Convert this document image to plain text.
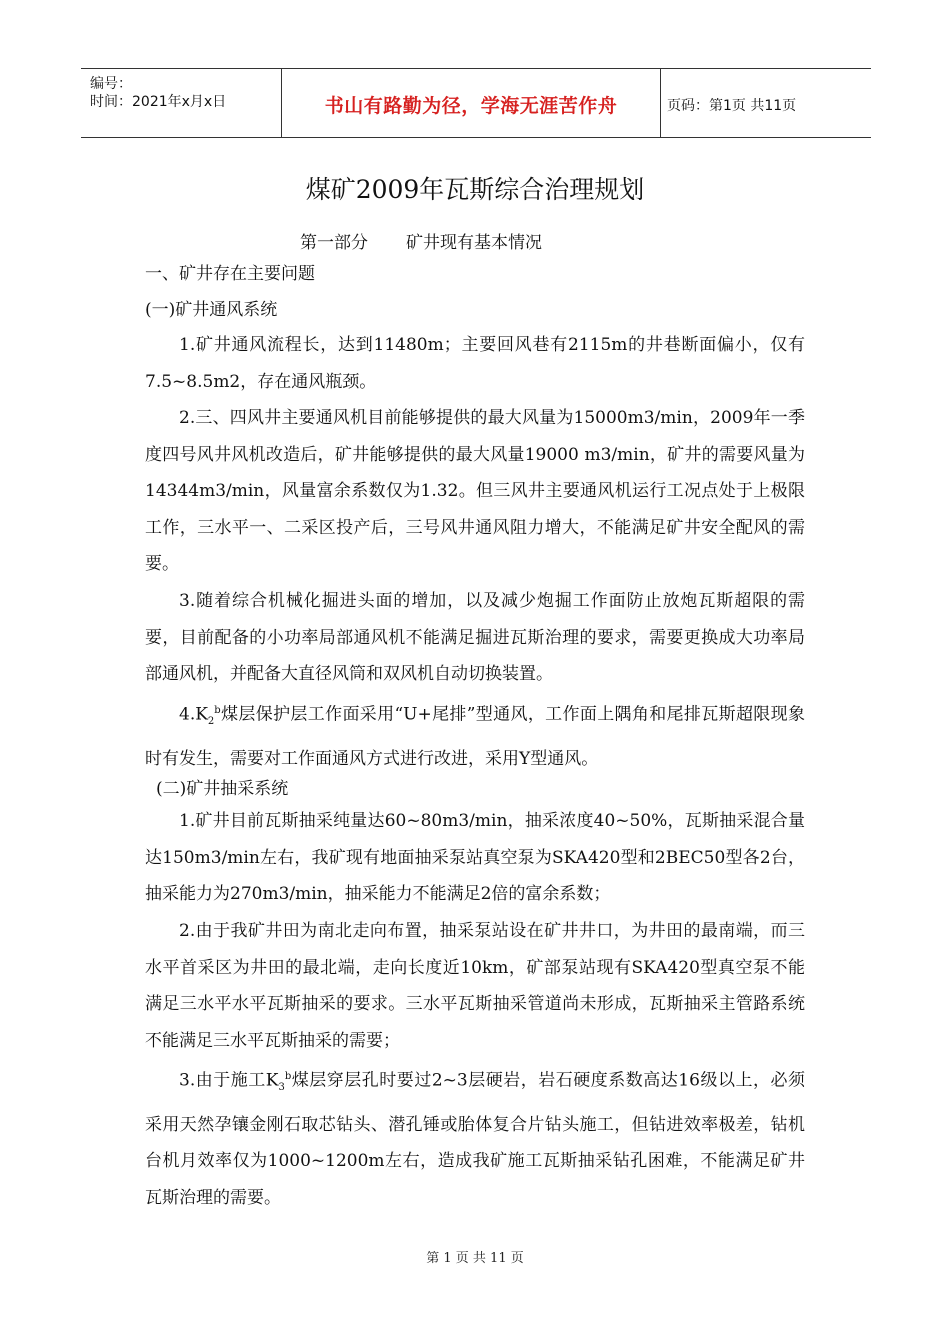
编号：
时间：2021年x月x日	书山有路勤为径，学海无涯苦作舟	页码：第1页 共11页
煤矿2009年瓦斯综合治理规划
第一部分 矿井现有基本情况
一、矿井存在主要问题
(一)矿井通风系统

1.矿井通风流程长，达到11480m；主要回风巷有2115m的井巷断面偏小，仅有7.5~8.5m2，存在通风瓶颈。

2.三、四风井主要通风机目前能够提供的最大风量为15000m3/min，2009年一季度四号风井风机改造后，矿井能够提供的最大风量19000 m3/min，矿井的需要风量为14344m3/min，风量富余系数仅为1.32。但三风井主要通风机运行工况点处于上极限工作，三水平一、二采区投产后，三号风井通风阻力增大，不能满足矿井安全配风的需要。

3.随着综合机械化掘进头面的增加，以及减少炮掘工作面防止放炮瓦斯超限的需要，目前配备的小功率局部通风机不能满足掘进瓦斯治理的要求，需要更换成大功率局部通风机，并配备大直径风筒和双风机自动切换装置。

$4.K_2^b$煤层保护层工作面采用“U+尾排”型通风，工作面上隅角和尾排瓦斯超限现象时有发生，需要对工作面通风方式进行改进，采用Y型通风。

(二)矿井抽采系统

1.矿井目前瓦斯抽采纯量达60~80m3/min，抽采浓度40~50%，瓦斯抽采混合量达150m3/min左右，我矿现有地面抽采泵站真空泵为SKA420型和2BEC50型各2台，抽采能力为270m3/min，抽采能力不能满足2倍的富余系数；

2.由于我矿井田为南北走向布置，抽采泵站设在矿井井口，为井田的最南端，而三水平首采区为井田的最北端，走向长度近10km，矿部泵站现有SKA420型真空泵不能满足三水平水平瓦斯抽采的要求。三水平瓦斯抽采管道尚未形成，瓦斯抽采主管路系统不能满足三水平瓦斯抽采的需要；

3.由于施工$K_3^b$煤层穿层孔时要过2~3层硬岩，岩石硬度系数高达16级以上，必须采用天然孕镶金刚石取芯钻头、潜孔锤或胎体复合片钻头施工，但钻进效率极差，钻机台机月效率仅为1000~1200m左右，造成我矿施工瓦斯抽采钻孔困难，不能满足矿井瓦斯治理的需要。

第 1 页 共 11 页
